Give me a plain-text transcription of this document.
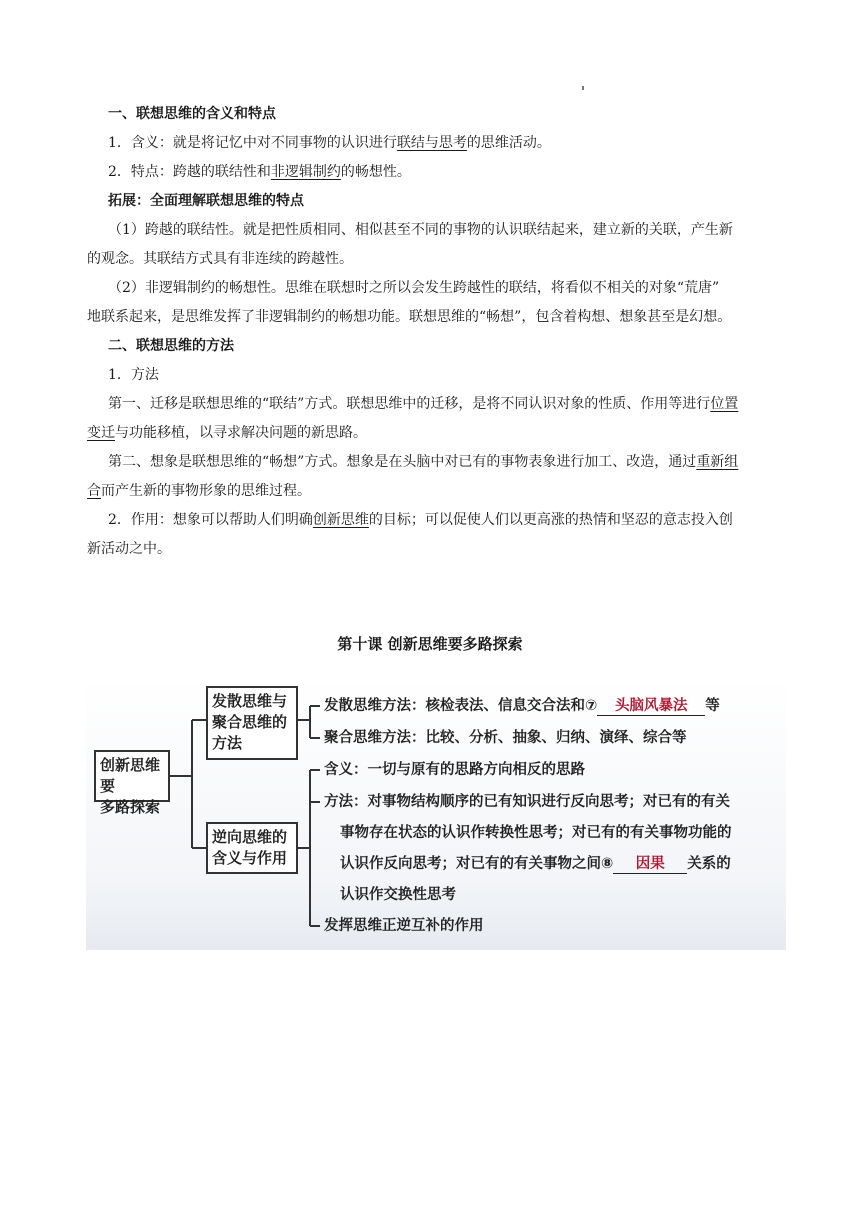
一、联想思维的含义和特点

1．含义：就是将记忆中对不同事物的认识进行联结与思考的思维活动。

2．特点：跨越的联结性和非逻辑制约的畅想性。

拓展：全面理解联想思维的特点

（1）跨越的联结性。就是把性质相同、相似甚至不同的事物的认识联结起来，建立新的关联，产生新

的观念。其联结方式具有非连续的跨越性。

（2）非逻辑制约的畅想性。思维在联想时之所以会发生跨越性的联结，将看似不相关的对象“荒唐”

地联系起来，是思维发挥了非逻辑制约的畅想功能。联想思维的“畅想”，包含着构想、想象甚至是幻想。

二、联想思维的方法

1．方法

第一、迁移是联想思维的“联结”方式。联想思维中的迁移，是将不同认识对象的性质、作用等进行位置

变迁与功能移植，以寻求解决问题的新思路。

第二、想象是联想思维的“畅想”方式。想象是在头脑中对已有的事物表象进行加工、改造，通过重新组

合而产生新的事物形象的思维过程。

2．作用：想象可以帮助人们明确创新思维的目标；可以促使人们以更高涨的热情和坚忍的意志投入创

新活动之中。

第十课 创新思维要多路探索
创新思维要
多路探索
发散思维与
聚合思维的
方法
逆向思维的
含义与作用
发散思维方法：核检表法、信息交合法和⑦ 头脑风暴法 等
聚合思维方法：比较、分析、抽象、归纳、演绎、综合等
含义：一切与原有的思路方向相反的思路
方法：对事物结构顺序的已有知识进行反向思考；对已有的有关
事物存在状态的认识作转换性思考；对已有的有关事物功能的
认识作反向思考；对已有的有关事物之间⑧ 因果 关系的
认识作交换性思考
发挥思维正逆互补的作用
